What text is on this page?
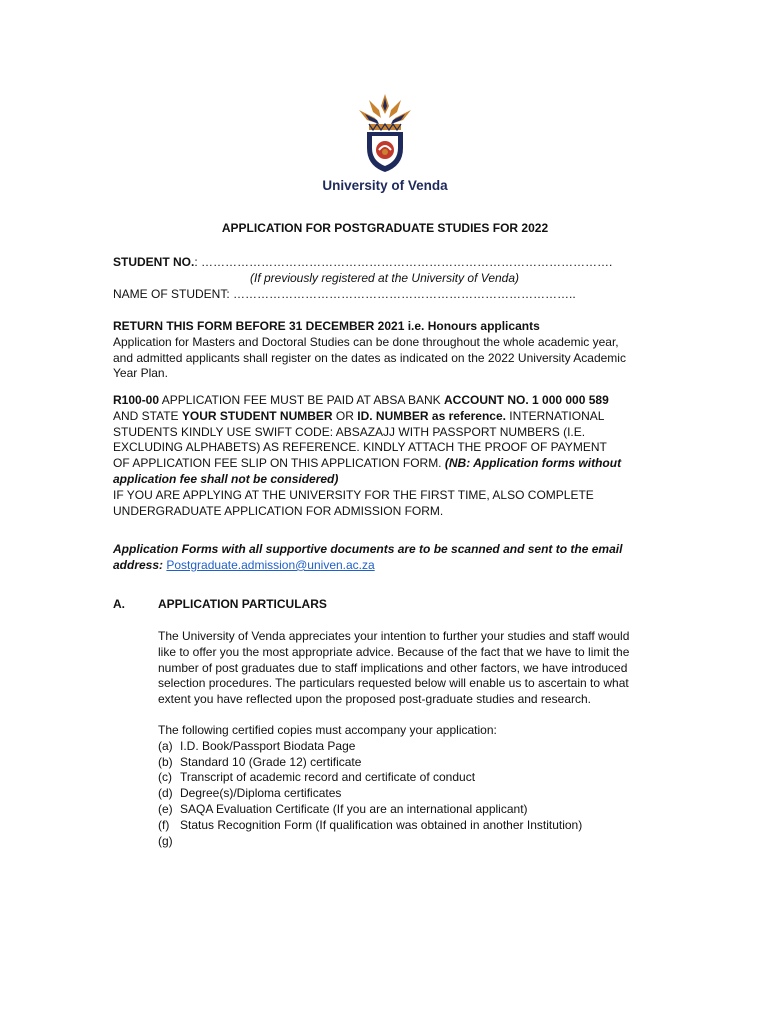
University of Venda
APPLICATION FOR POSTGRADUATE STUDIES FOR 2022
STUDENT NO.: ………………………………………………………………………………………….
(If previously registered at the University of Venda)
NAME OF STUDENT: …………………………………………………………………………..
RETURN THIS FORM BEFORE 31 DECEMBER 2021 i.e. Honours applicants
Application for Masters and Doctoral Studies can be done throughout the whole academic year,
and admitted applicants shall register on the dates as indicated on the 2022 University Academic
Year Plan.
R100-00 APPLICATION FEE MUST BE PAID AT ABSA BANK ACCOUNT NO. 1 000 000 589
AND STATE YOUR STUDENT NUMBER OR ID. NUMBER as reference. INTERNATIONAL
STUDENTS KINDLY USE SWIFT CODE: ABSAZAJJ WITH PASSPORT NUMBERS (I.E.
EXCLUDING ALPHABETS) AS REFERENCE. KINDLY ATTACH THE PROOF OF PAYMENT
OF APPLICATION FEE SLIP ON THIS APPLICATION FORM. (NB: Application forms without
application fee shall not be considered)
IF YOU ARE APPLYING AT THE UNIVERSITY FOR THE FIRST TIME, ALSO COMPLETE
UNDERGRADUATE APPLICATION FOR ADMISSION FORM.
Application Forms with all supportive documents are to be scanned and sent to the email
address: Postgraduate.admission@univen.ac.za
A.	APPLICATION PARTICULARS
The University of Venda appreciates your intention to further your studies and staff would
like to offer you the most appropriate advice. Because of the fact that we have to limit the
number of post graduates due to staff implications and other factors, we have introduced
selection procedures. The particulars requested below will enable us to ascertain to what
extent you have reflected upon the proposed post-graduate studies and research.
The following certified copies must accompany your application:
(a) I.D. Book/Passport Biodata Page
(b) Standard 10 (Grade 12) certificate
(c) Transcript of academic record and certificate of conduct
(d) Degree(s)/Diploma certificates
(e) SAQA Evaluation Certificate (If you are an international applicant)
(f) Status Recognition Form (If qualification was obtained in another Institution)
(g)
